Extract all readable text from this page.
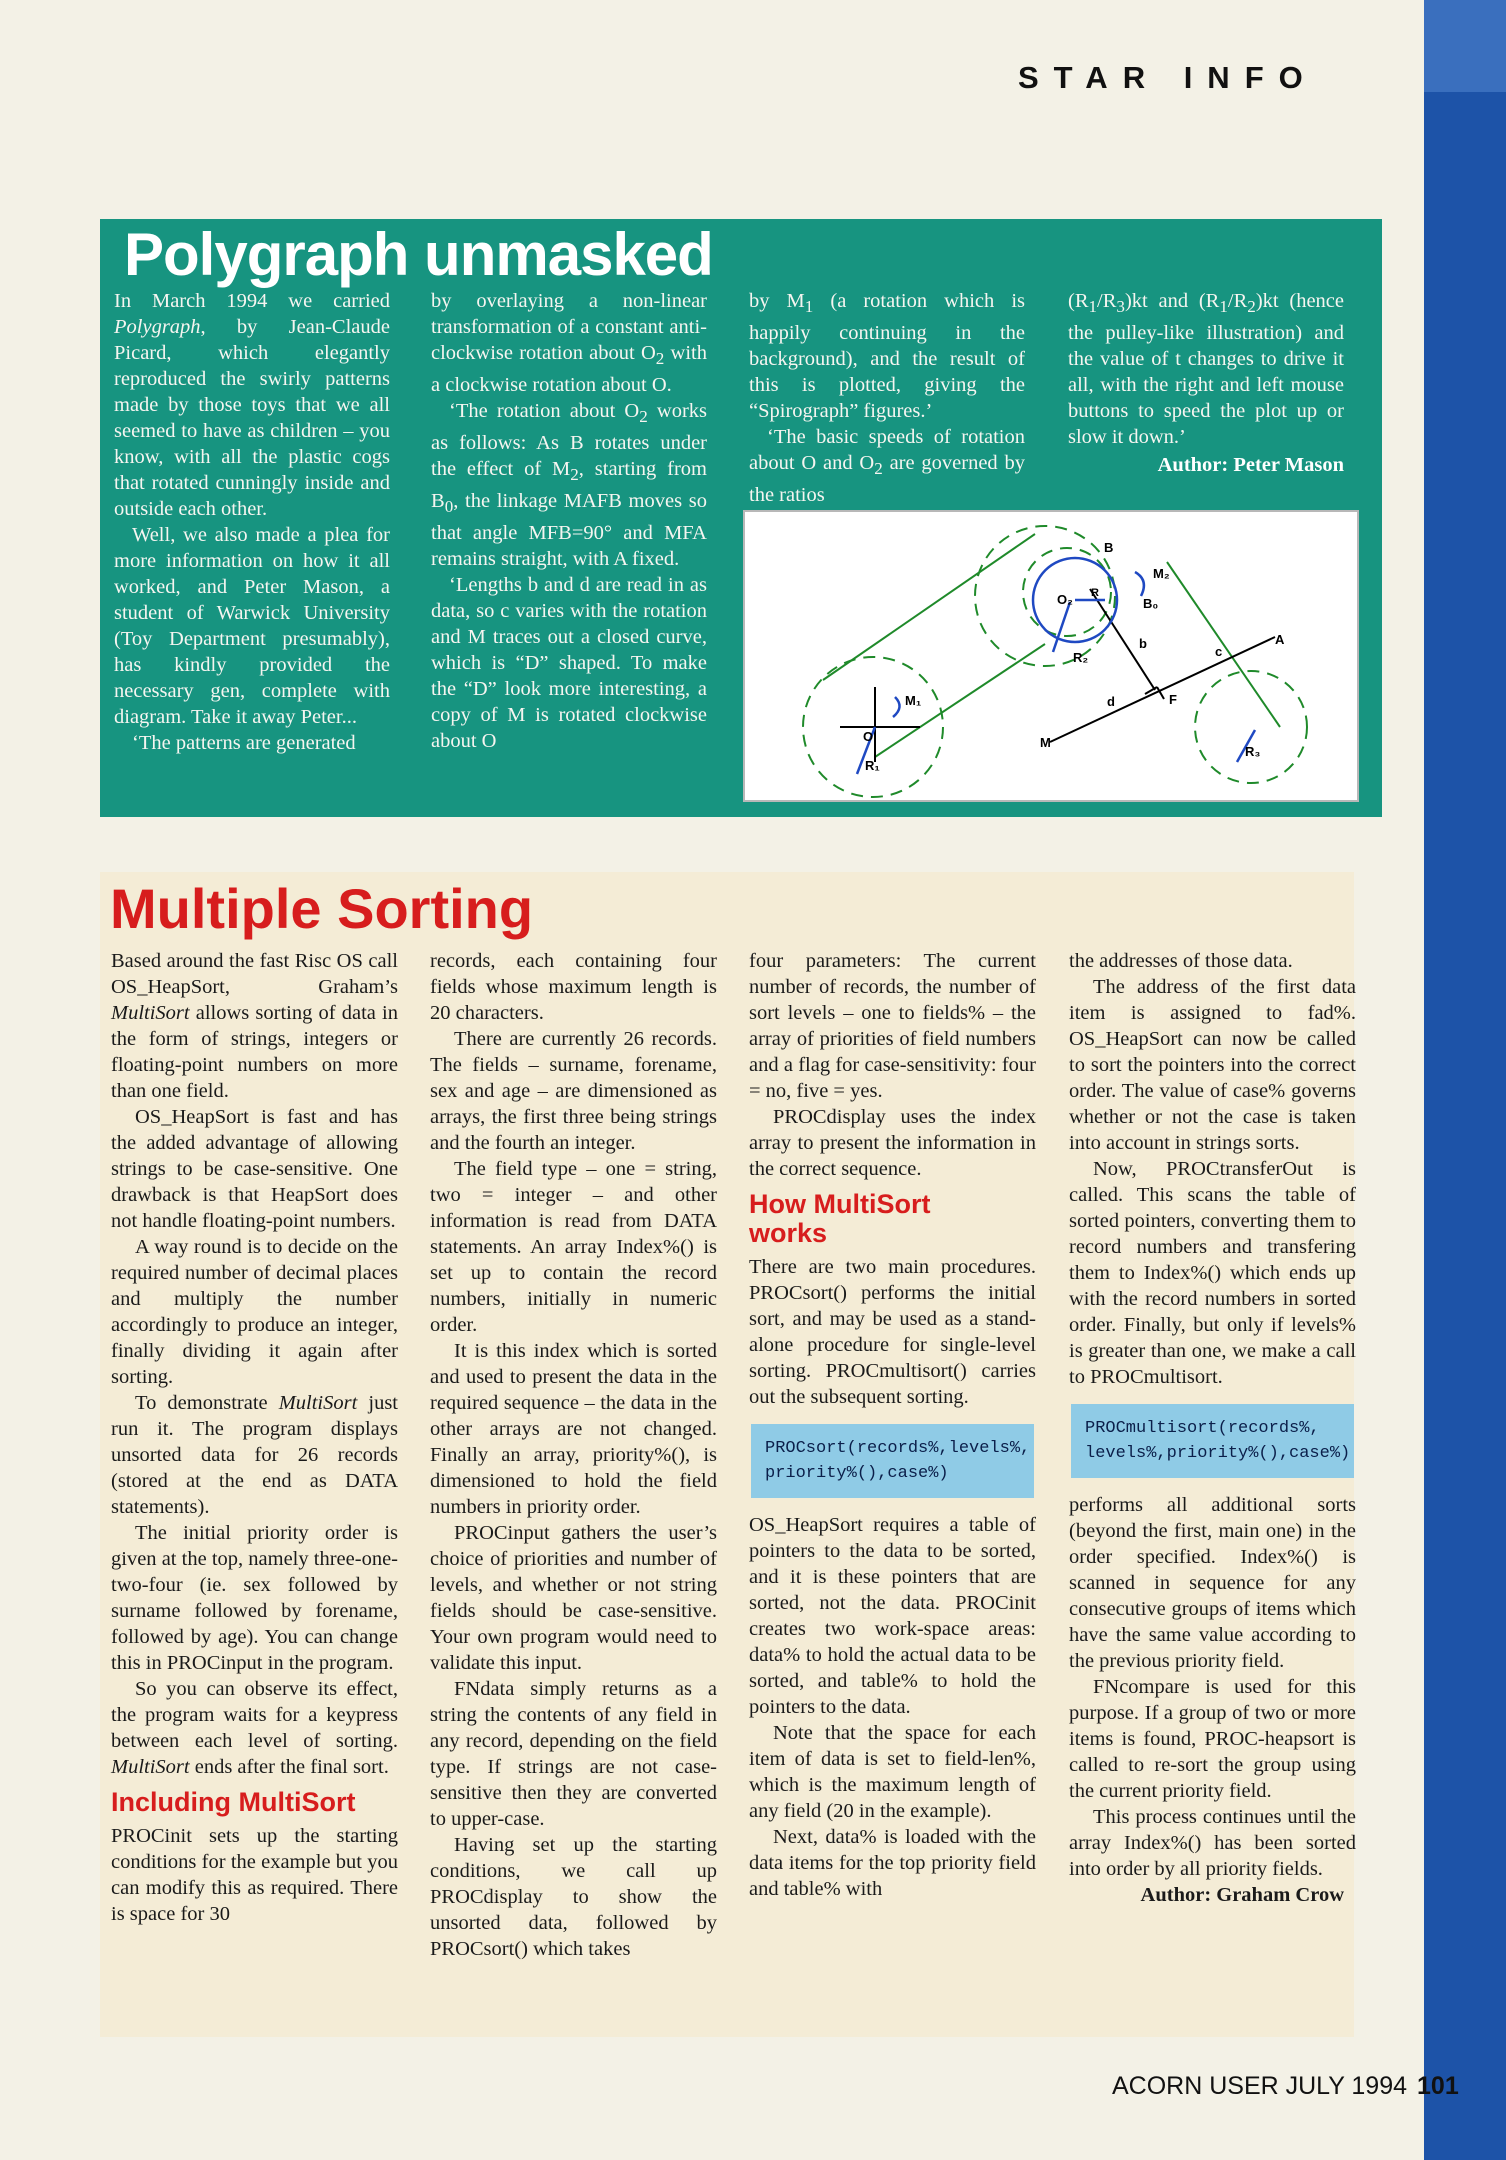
STAR INFO
Polygraph unmasked

In March 1994 we carried Polygraph, by Jean-Claude Picard, which elegantly reproduced the swirly patterns made by those toys that we all seemed to have as children – you know, with all the plastic cogs that rotated cunningly inside and outside each other.

Well, we also made a plea for more information on how it all worked, and Peter Mason, a student of Warwick University (Toy Department presumably), has kindly provided the necessary gen, complete with diagram. Take it away Peter...

‘The patterns are generated

by overlaying a non-linear transformation of a constant anti-clockwise rotation about $O_2$ with a clockwise rotation about O.

‘The rotation about $O_2$ works as follows: As B rotates under the effect of $M_2$, starting from $B_0$, the linkage MAFB moves so that angle MFB=90° and MFA remains straight, with A fixed.

‘Lengths b and d are read in as data, so c varies with the rotation and M traces out a closed curve, which is “D” shaped. To make the “D” look more interesting, a copy of M is rotated clockwise about O

by $M_1$ (a rotation which is happily continuing in the background), and the result of this is plotted, giving the “Spirograph” figures.’

‘The basic speeds of rotation about O and $O_2$ are governed by the ratios

$(R_1/R_3)kt$ and $(R_1/R_2)kt$ (hence the pulley-like illustration) and the value of t changes to drive it all, with the right and left mouse buttons to speed the plot up or slow it down.’

Author: Peter Mason
B
O₂ R
B₀
M₂
b
c
A
R₂
F
d
M
O
M₁
R₁
R₃
Multiple Sorting

Based around the fast Risc OS call OS_HeapSort, Graham’s MultiSort allows sorting of data in the form of strings, integers or floating-point numbers on more than one field.

OS_HeapSort is fast and has the added advantage of allowing strings to be case-sensitive. One drawback is that HeapSort does not handle floating-point numbers.

A way round is to decide on the required number of decimal places and multiply the number accordingly to produce an integer, finally dividing it again after sorting.

To demonstrate MultiSort just run it. The program displays unsorted data for 26 records (stored at the end as DATA statements).

The initial priority order is given at the top, namely three-one-two-four (ie. sex followed by surname followed by forename, followed by age). You can change this in PROCinput in the program.

So you can observe its effect, the program waits for a keypress between each level of sorting. MultiSort ends after the final sort.

Including MultiSort

PROCinit sets up the starting conditions for the example but you can modify this as required. There is space for 30

records, each containing four fields whose maximum length is 20 characters.

There are currently 26 records. The fields – surname, forename, sex and age – are dimensioned as arrays, the first three being strings and the fourth an integer.

The field type – one = string, two = integer – and other information is read from DATA statements. An array Index%() is set up to contain the record numbers, initially in numeric order.

It is this index which is sorted and used to present the data in the required sequence – the data in the other arrays are not changed. Finally an array, priority%(), is dimensioned to hold the field numbers in priority order.

PROCinput gathers the user’s choice of priorities and number of levels, and whether or not string fields should be case-sensitive. Your own program would need to validate this input.

FNdata simply returns as a string the contents of any field in any record, depending on the field type. If strings are not case-sensitive then they are converted to upper-case.

Having set up the starting conditions, we call up PROCdisplay to show the unsorted data, followed by PROCsort() which takes

four parameters: The current number of records, the number of sort levels – one to fields% – the array of priorities of field numbers and a flag for case-sensitivity: four = no, five = yes.

PROCdisplay uses the index array to present the information in the correct sequence.

How MultiSort
works

There are two main procedures. PROCsort() performs the initial sort, and may be used as a stand-alone procedure for single-level sorting. PROCmultisort() carries out the subsequent sorting.

PROCsort(records%,levels%,
priority%(),case%)

OS_HeapSort requires a table of pointers to the data to be sorted, and it is these pointers that are sorted, not the data. PROCinit creates two work-space areas: data% to hold the actual data to be sorted, and table% to hold the pointers to the data.

Note that the space for each item of data is set to field-len%, which is the maximum length of any field (20 in the example).

Next, data% is loaded with the data items for the top priority field and table% with

the addresses of those data.

The address of the first data item is assigned to fad%. OS_HeapSort can now be called to sort the pointers into the correct order. The value of case% governs whether or not the case is taken into account in strings sorts.

Now, PROCtransferOut is called. This scans the table of sorted pointers, converting them to record numbers and transfering them to Index%() which ends up with the record numbers in sorted order. Finally, but only if levels% is greater than one, we make a call to PROCmultisort.

PROCmultisort(records%,
levels%,priority%(),case%)

performs all additional sorts (beyond the first, main one) in the order specified. Index%() is scanned in sequence for any consecutive groups of items which have the same value according to the previous priority field.

FNcompare is used for this purpose. If a group of two or more items is found, PROC-heapsort is called to re-sort the group using the current priority field.

This process continues until the array Index%() has been sorted into order by all priority fields.

Author: Graham Crow
ACORN USER JULY 1994 101
